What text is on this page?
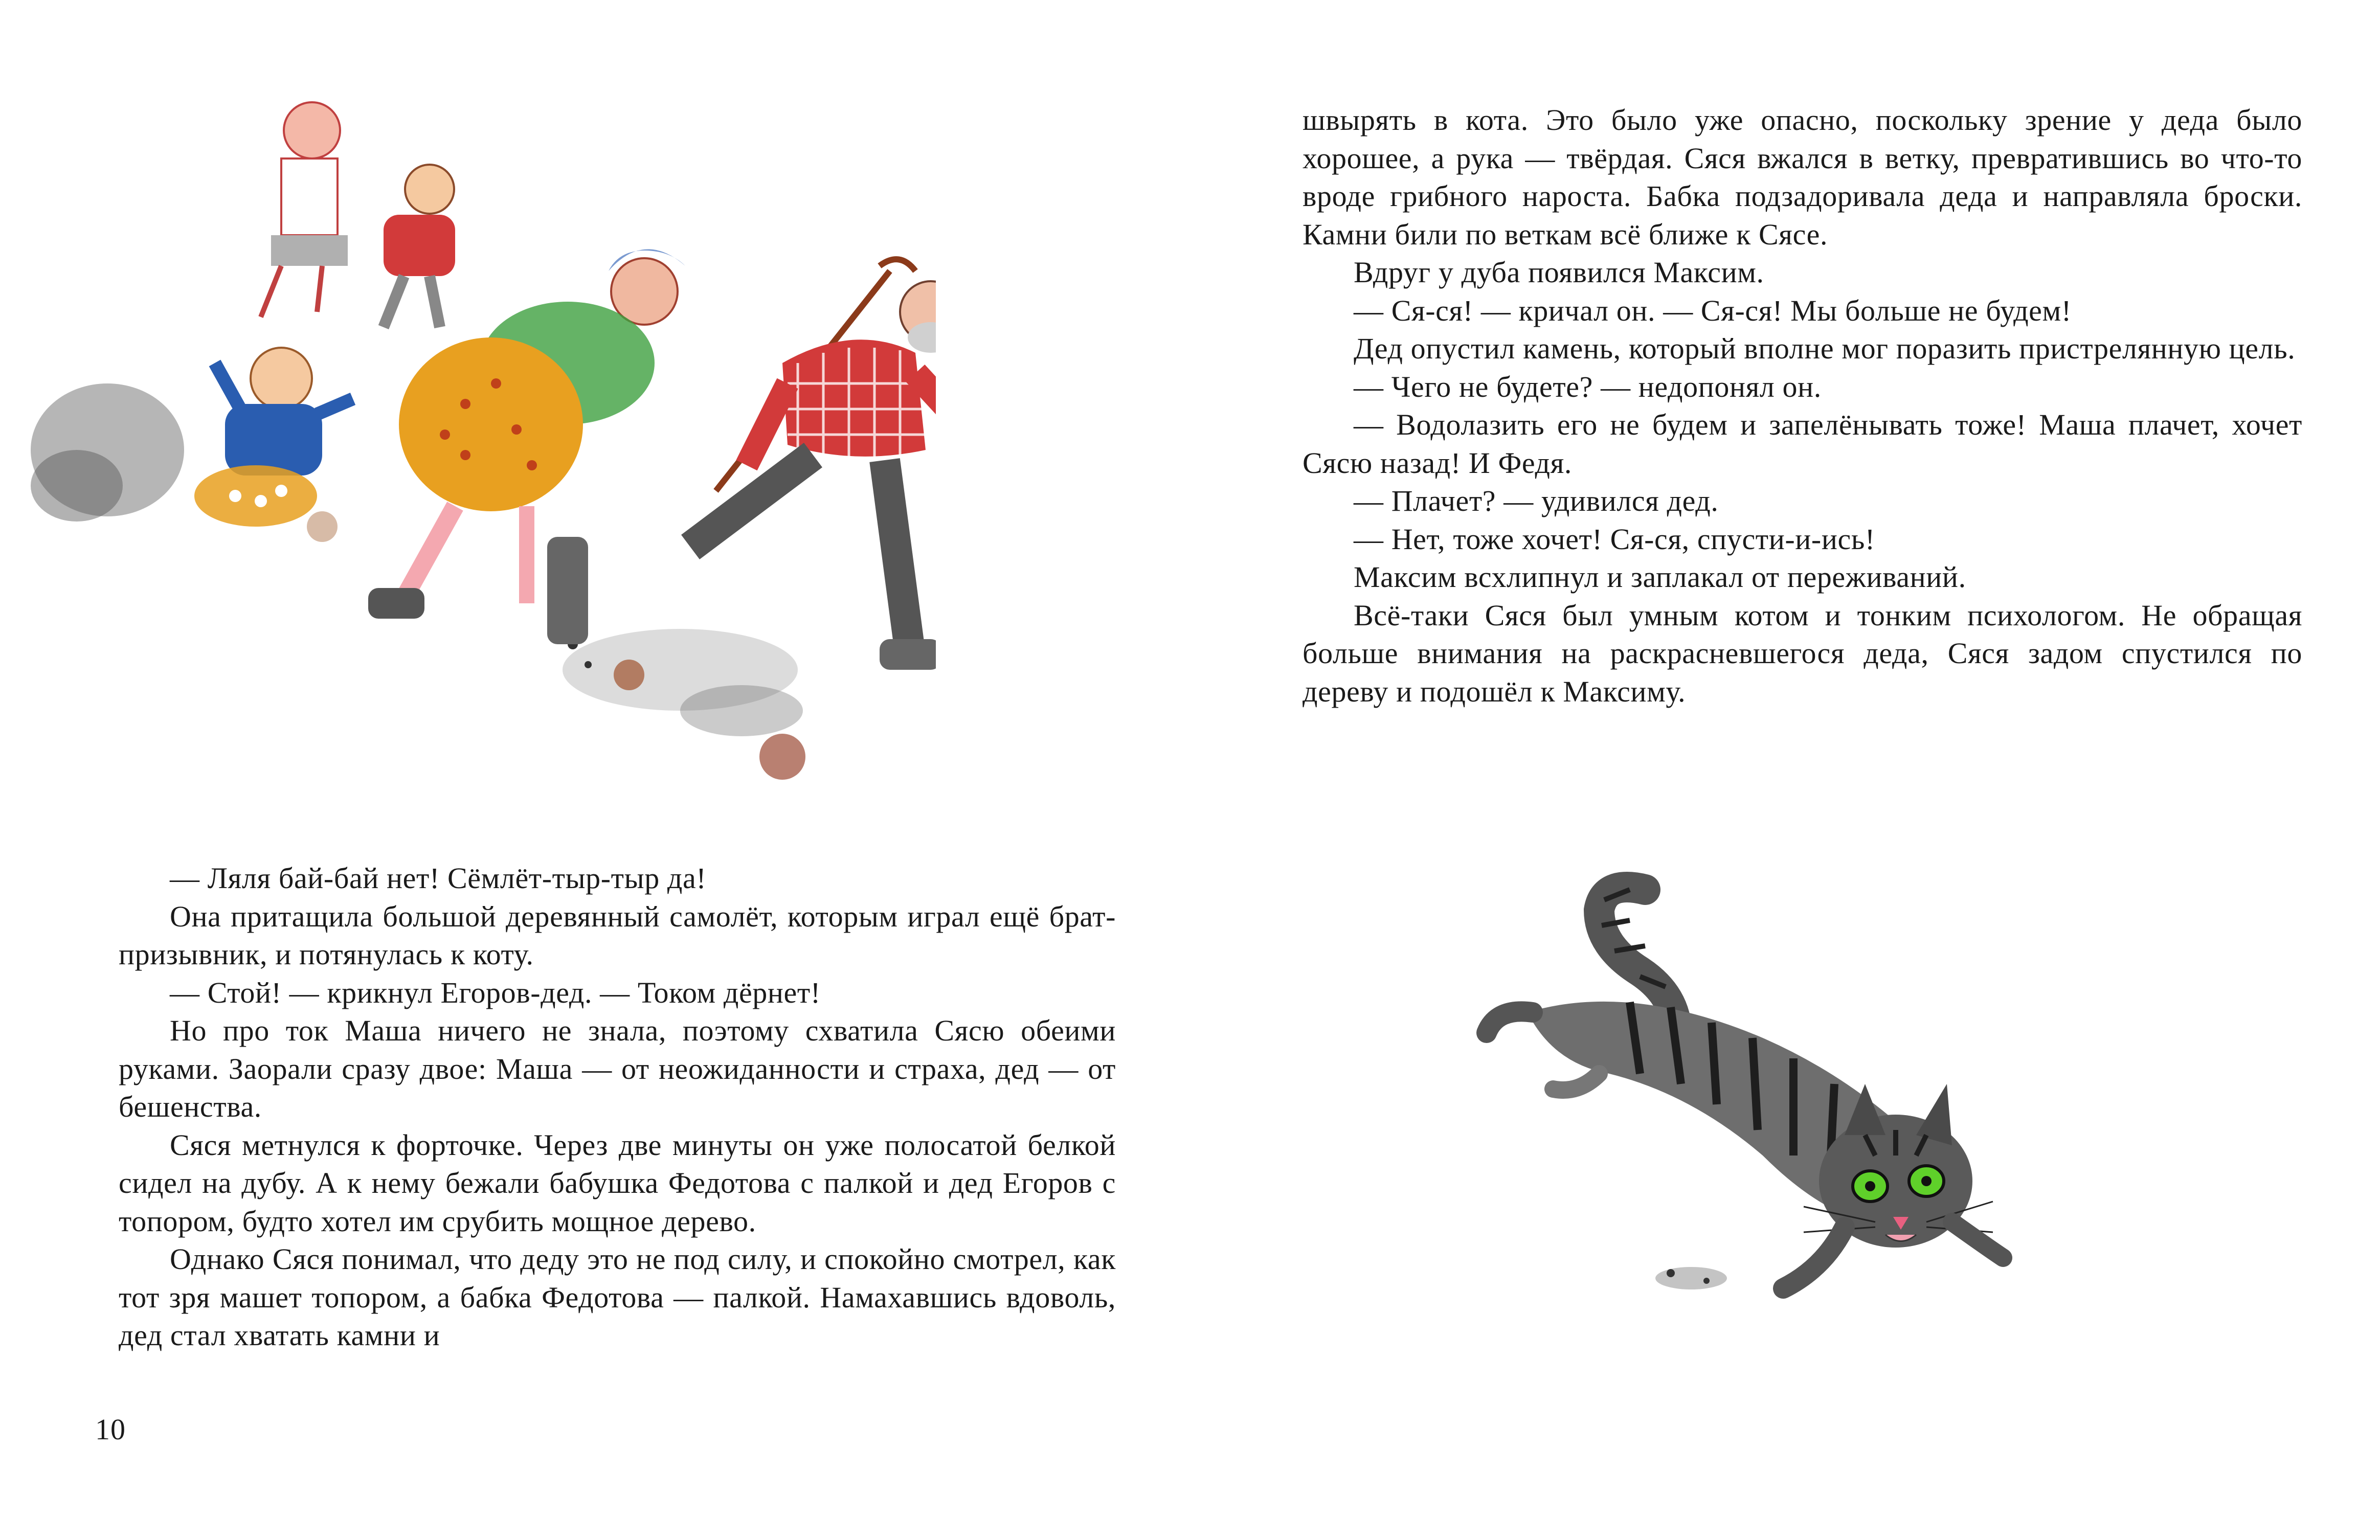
— Ляля бай-бай нет! Сёмлёт-тыр-тыр да!

Она притащила большой деревянный самолёт, которым играл ещё брат-призывник, и потянулась к коту.

— Стой! — крикнул Егоров-дед. — Током дёрнет!

Но про ток Маша ничего не знала, поэтому схватила Сясю обеими руками. Заорали сразу двое: Маша — от неожиданности и страха, дед — от бешенства.

Сяся метнулся к форточке. Через две минуты он уже полосатой белкой сидел на дубу. А к нему бежали бабушка Федотова с палкой и дед Егоров с топором, будто хотел им срубить мощное дерево.

Однако Сяся понимал, что деду это не под силу, и спокойно смотрел, как тот зря машет топором, а бабка Федотова — палкой. Намахавшись вдоволь, дед стал хватать камни и

10

швырять в кота. Это было уже опасно, поскольку зрение у деда было хорошее, а рука — твёрдая. Сяся вжался в ветку, превратившись во что-то вроде грибного нароста. Бабка подзадоривала деда и направляла броски. Камни били по веткам всё ближе к Сясе.

Вдруг у дуба появился Максим.

— Ся-ся! — кричал он. — Ся-ся! Мы больше не будем!

Дед опустил камень, который вполне мог поразить пристрелянную цель.

— Чего не будете? — недопонял он.

— Водолазить его не будем и запелёнывать тоже! Маша плачет, хочет Сясю назад! И Федя.

— Плачет? — удивился дед.

— Нет, тоже хочет! Ся-ся, спусти-и-ись!

Максим всхлипнул и заплакал от переживаний.

Всё-таки Сяся был умным котом и тонким психологом. Не обращая больше внимания на раскрасневшегося деда, Сяся задом спустился по дереву и подошёл к Максиму.
